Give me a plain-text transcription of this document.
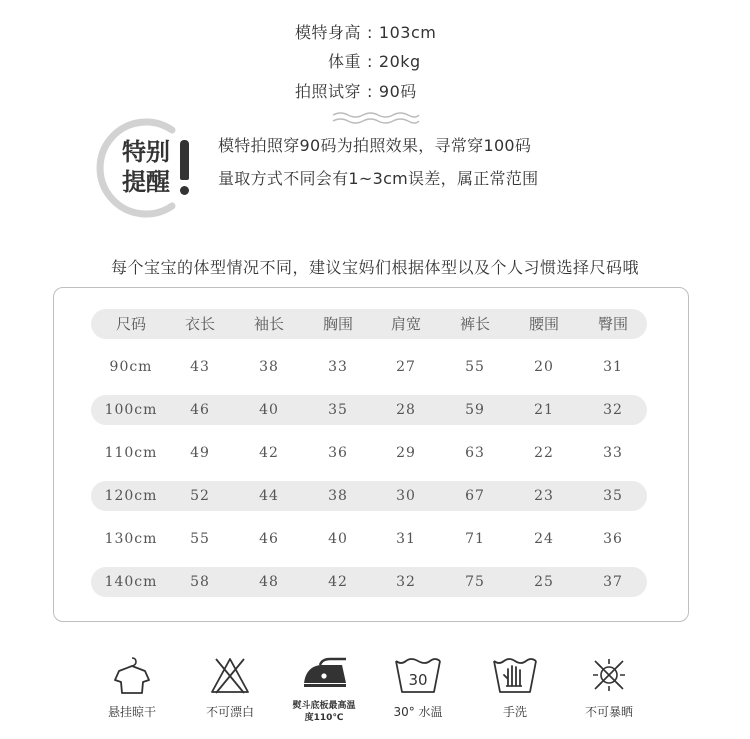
模特身高 : 103cm
体重 : 20kg
拍照试穿 : 90码
特别
提醒
模特拍照穿90码为拍照效果，寻常穿100码
量取方式不同会有1~3cm误差，属正常范围
每个宝宝的体型情况不同，建议宝妈们根据体型以及个人习惯选择尺码哦
尺码	衣长	袖长	胸围	肩宽	裤长	腰围	臀围
90cm	43	38	33	27	55	20	31
100cm	46	40	35	28	59	21	32
110cm	49	42	36	29	63	22	33
120cm	52	44	38	30	67	23	35
130cm	55	46	40	31	71	24	36
140cm	58	48	42	32	75	25	37
悬挂晾干	不可漂白	熨斗底板最高温
度110℃
30
30° 水温	手洗	不可暴晒
